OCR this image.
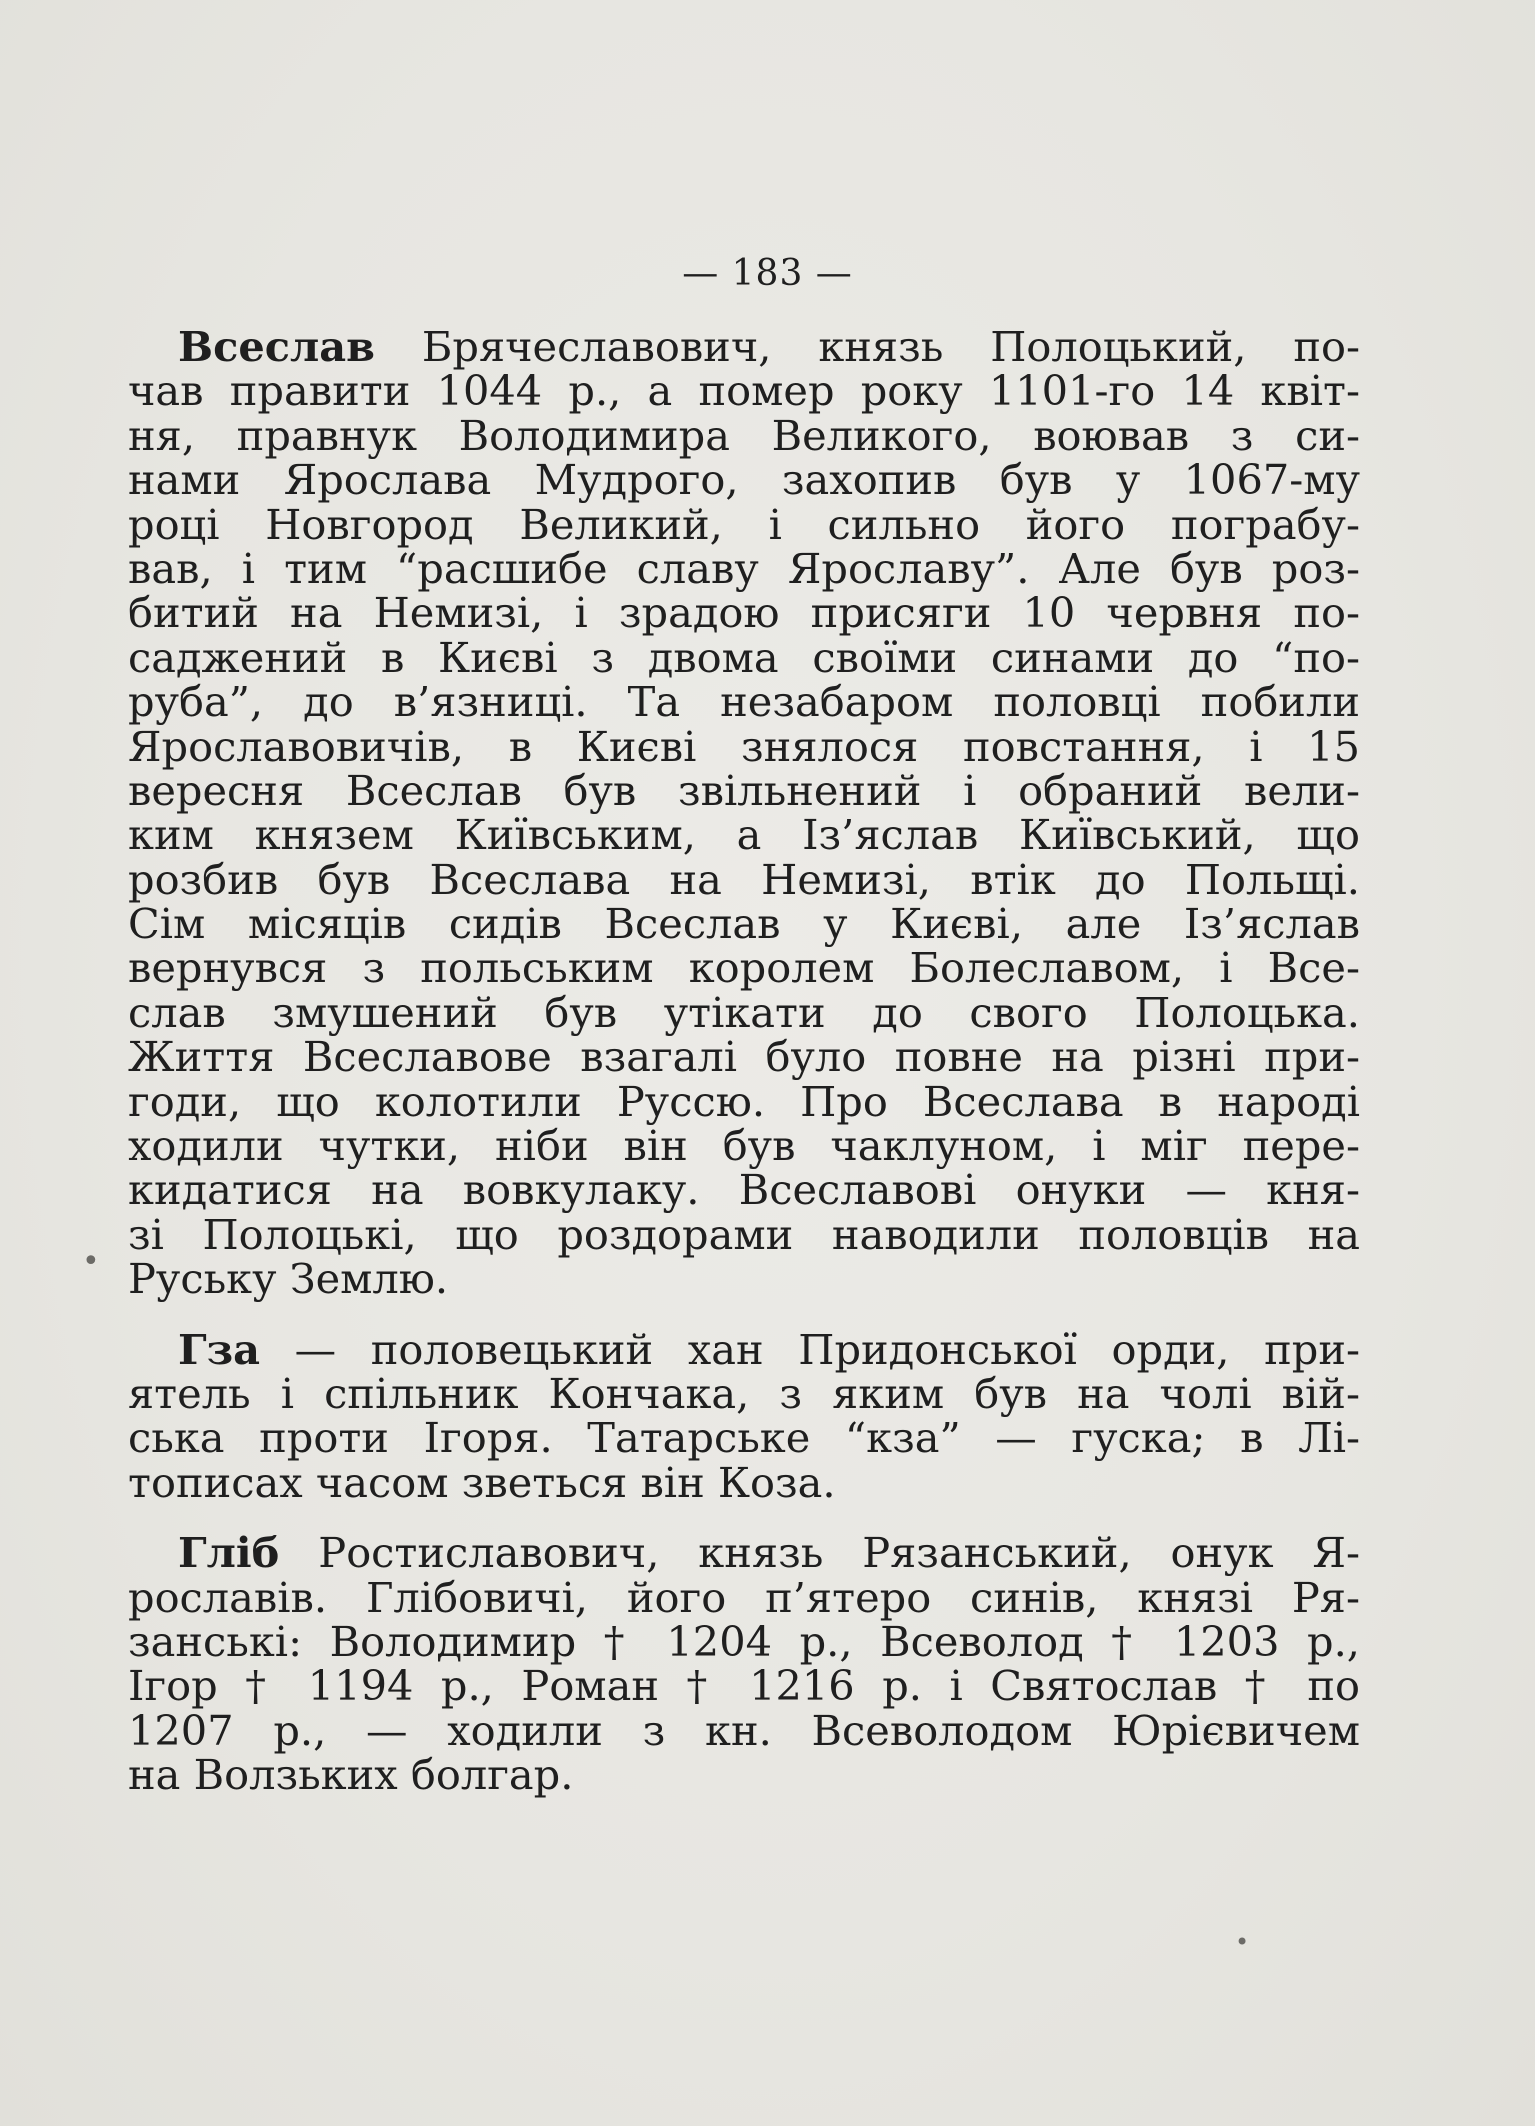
— 183 —
•
•
Всеслав Брячеславович, князь Полоцький, по-
чав правити 1044 р., а помер року 1101-го 14 квіт-
ня, правнук Володимира Великого, воював з си-
нами Ярослава Мудрого, захопив був у 1067-му
році Новгород Великий, і сильно його пограбу-
вав, і тим “расшибе славу Ярославу”. Але був роз-
битий на Немизі, і зрадою присяги 10 червня по-
саджений в Києві з двома своїми синами до “по-
руба”, до в’язниці. Та незабаром половці побили
Ярославовичів, в Києві знялося повстання, і 15
вересня Всеслав був звільнений і обраний вели-
ким князем Київським, а Із’яслав Київський, що
розбив був Всеслава на Немизі, втік до Польщі.
Сім місяців сидів Всеслав у Києві, але Із’яслав
вернувся з польським королем Болеславом, і Все-
слав змушений був утікати до свого Полоцька.
Життя Всеславове взагалі було повне на різні при-
годи, що колотили Руссю. Про Всеслава в народі
ходили чутки, ніби він був чаклуном, і міг пере-
кидатися на вовкулаку. Всеславові онуки — кня-
зі Полоцькі, що роздорами наводили половців на
Руську Землю.
Гза — половецький хан Придонської орди, при-
ятель і спільник Кончака, з яким був на чолі вій-
ська проти Ігоря. Татарське “кза” — гуска; в Лі-
тописах часом зветься він Коза.
Гліб Ростиславович, князь Рязанський, онук Я-
рославів. Глібовичі, його п’ятеро синів, князі Ря-
занські: Володимир † 1204 р., Всеволод † 1203 р.,
Ігор † 1194 р., Роман † 1216 р. і Святослав † по
1207 р., — ходили з кн. Всеволодом Юрієвичем
на Волзьких болгар.
